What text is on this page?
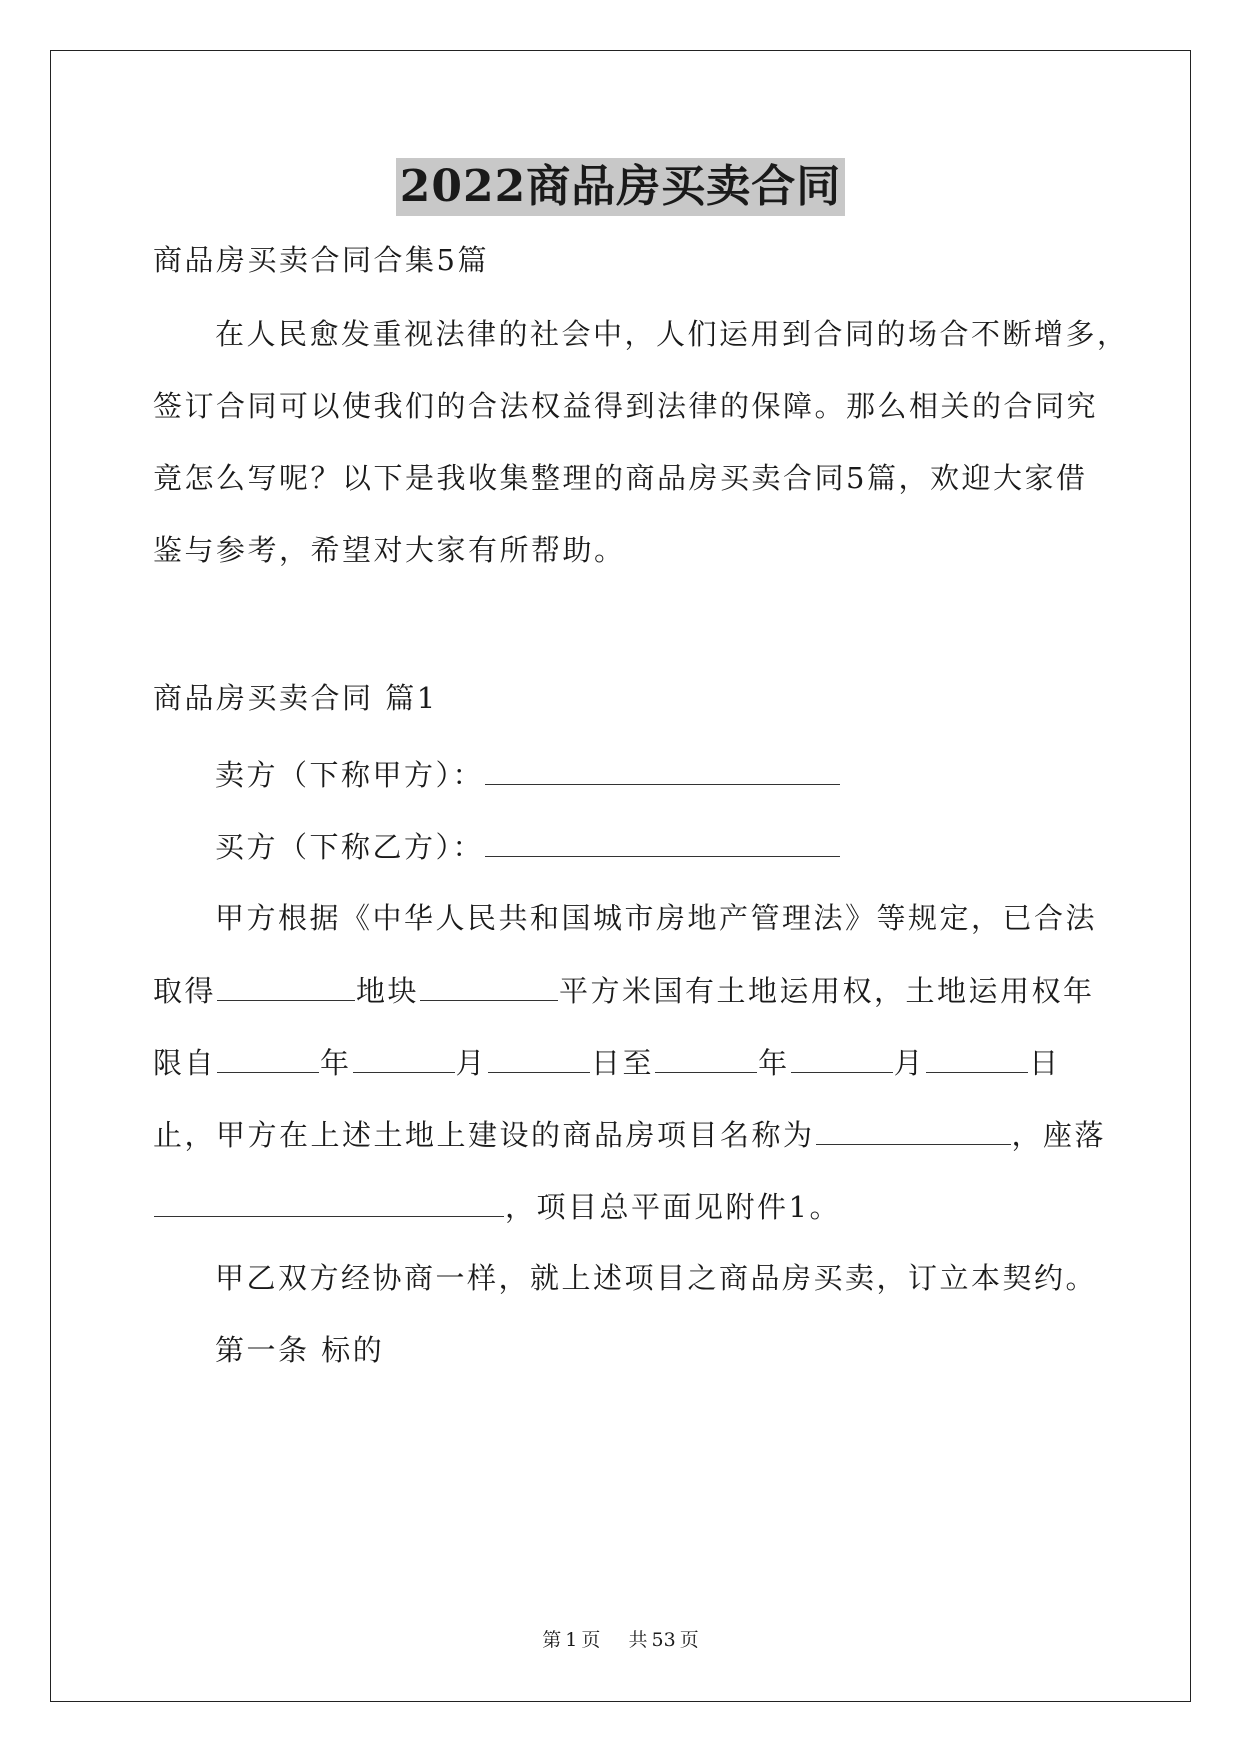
2022商品房买卖合同
商品房买卖合同合集5篇
在人民愈发重视法律的社会中，人们运用到合同的场合不断增多，
签订合同可以使我们的合法权益得到法律的保障。那么相关的合同究
竟怎么写呢？以下是我收集整理的商品房买卖合同5篇，欢迎大家借
鉴与参考，希望对大家有所帮助。
商品房买卖合同 篇1
卖方（下称甲方）：
买方（下称乙方）：
甲方根据《中华人民共和国城市房地产管理法》等规定，已合法
取得	地块	平方米国有土地运用权，土地运用权年
限自	年	月	日至	年	月	日
止，甲方在上述土地上建设的商品房项目名称为	，座落
，项目总平面见附件1。
甲乙双方经协商一样，就上述项目之商品房买卖，订立本契约。
第一条 标的
第 1 页 共 53 页
